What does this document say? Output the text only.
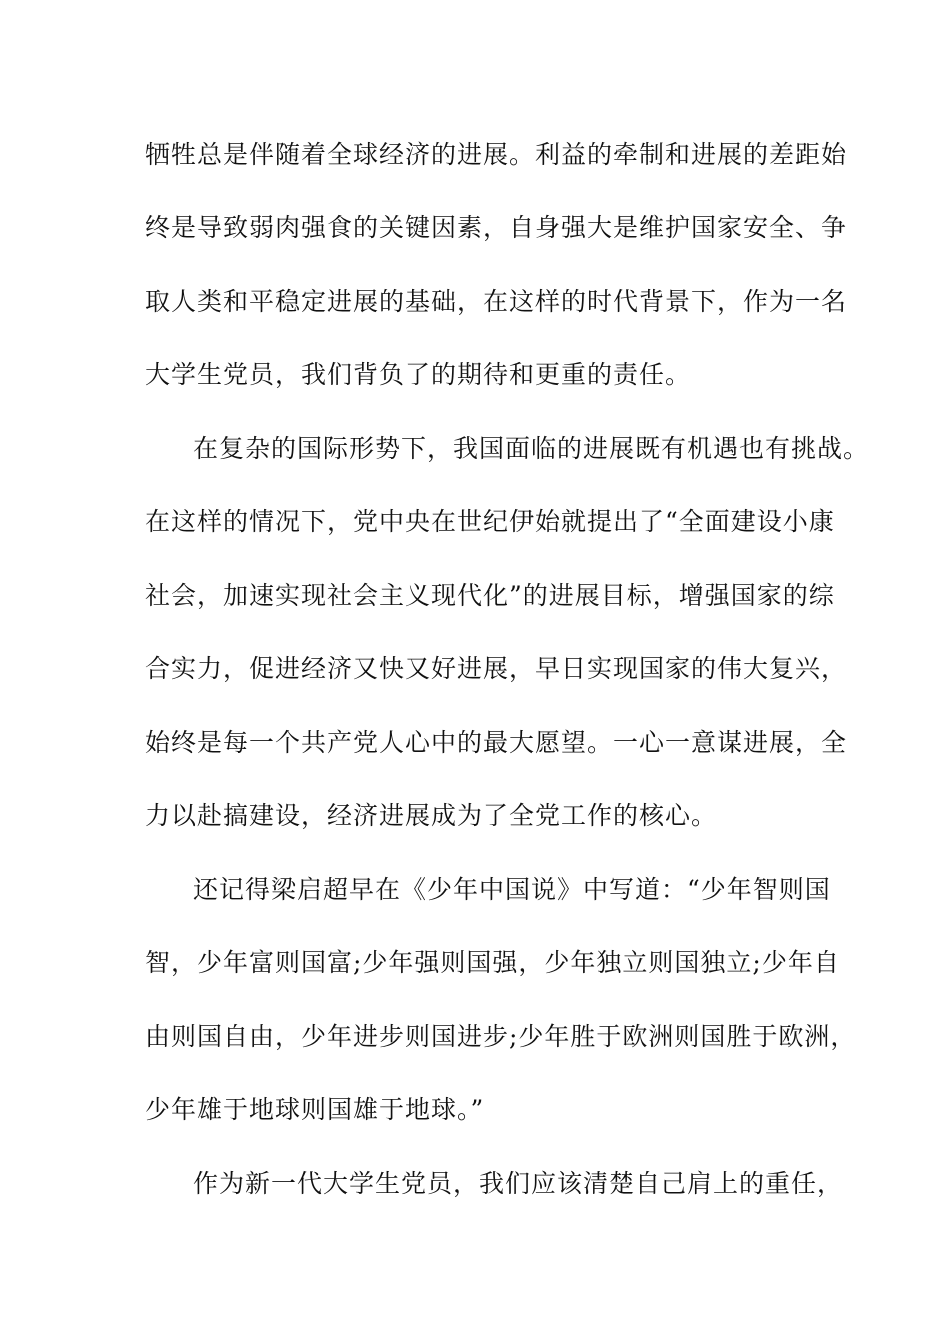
牺牲总是伴随着全球经济的进展。利益的牵制和进展的差距始
终是导致弱肉强食的关键因素，自身强大是维护国家安全、争
取人类和平稳定进展的基础，在这样的时代背景下，作为一名
大学生党员，我们背负了的期待和更重的责任。
在复杂的国际形势下，我国面临的进展既有机遇也有挑战。
在这样的情况下，党中央在世纪伊始就提出了“全面建设小康
社会，加速实现社会主义现代化”的进展目标，增强国家的综
合实力，促进经济又快又好进展，早日实现国家的伟大复兴，
始终是每一个共产党人心中的最大愿望。一心一意谋进展，全
力以赴搞建设，经济进展成为了全党工作的核心。
还记得梁启超早在《少年中国说》中写道：“少年智则国
智，少年富则国富;少年强则国强，少年独立则国独立;少年自
由则国自由，少年进步则国进步;少年胜于欧洲则国胜于欧洲，
少年雄于地球则国雄于地球。”
作为新一代大学生党员，我们应该清楚自己肩上的重任，
